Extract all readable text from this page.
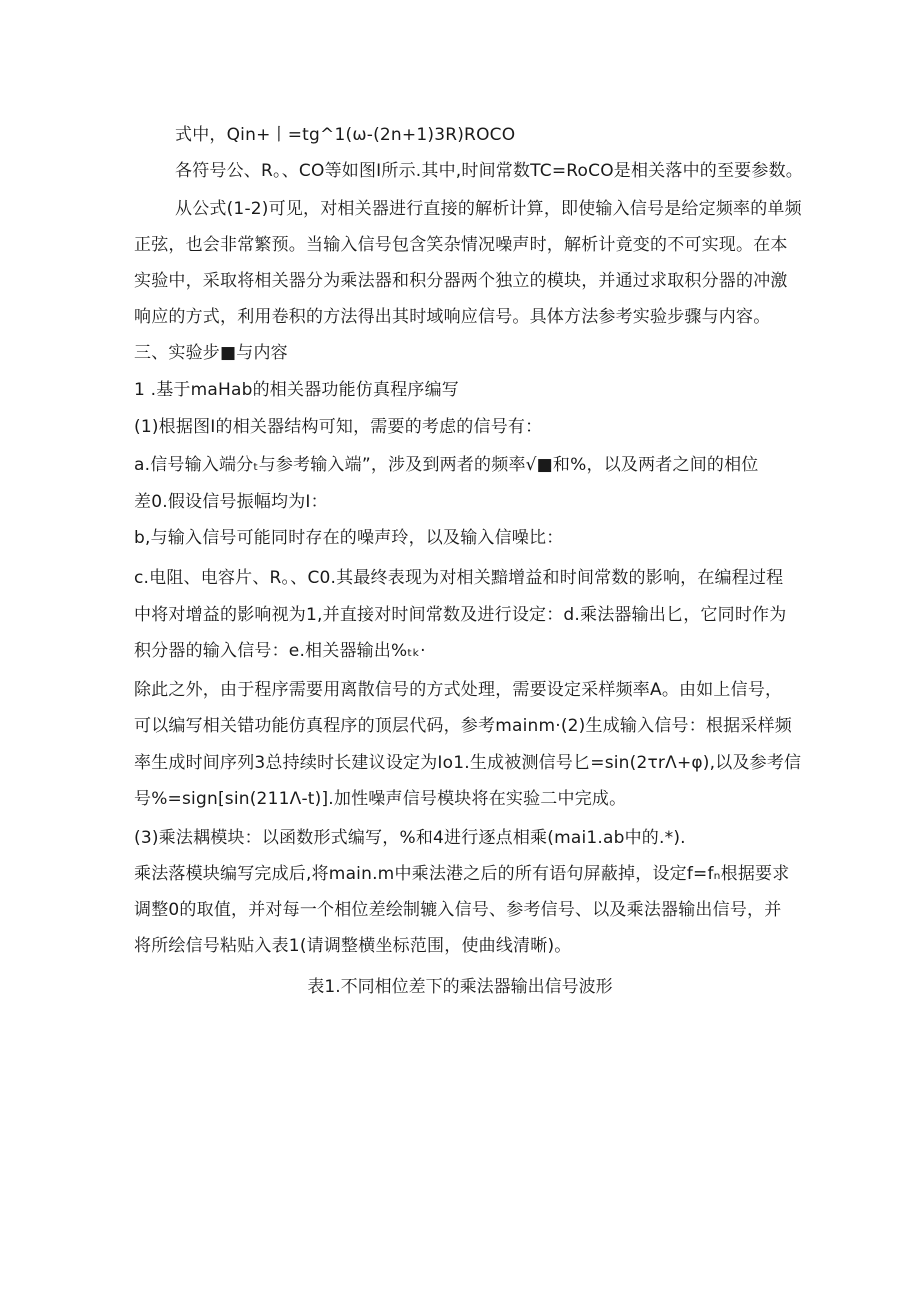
式中，Qin+丨=tg^1(ω-(2n+1)3R)ROCO
各符号公、R。、CO等如图I所示.其中,时间常数TC=RoCO是相关落中的至要参数。
从公式(1-2)可见，对相关器进行直接的解析计算，即使输入信号是给定频率的单频
正弦，也会非常繁预。当输入信号包含笑杂情况噪声时，解析计竟变的不可实现。在本
实验中，采取将相关器分为乘法器和积分器两个独立的模块，并通过求取积分器的冲激
响应的方式，利用卷积的方法得出其时域响应信号。具体方法参考实验步骤与内容。
三、实验步■与内容
1 .基于maHab的相关器功能仿真程序编写
(1)根据图I的相关器结构可知，需要的考虑的信号有：
a.信号输入端分ₜ与参考输入端”，涉及到两者的频率√■和%，以及两者之间的相位
差0.假设信号振幅均为I：
b,与输入信号可能同时存在的噪声玲，以及输入信噪比：
c.电阻、电容片、R。、C0.其最终表现为对相关黯增益和时间常数的影响，在编程过程
中将对增益的影响视为1,并直接对时间常数及进行设定：d.乘法器输出匕，它同时作为
积分器的输入信号：e.相关器输出%ₜₖ·
除此之外，由于程序需要用离散信号的方式处理，需要设定采样频率A。由如上信号，
可以编写相关错功能仿真程序的顶层代码，参考mainm·(2)生成输入信号：根据采样频
率生成时间序列3总持续时长建议设定为Io1.生成被测信号匕=sin(2τrΛ+φ),以及参考信
号%=sign[sin(211Λ-t)].加性噪声信号模块将在实验二中完成。
(3)乘法耦模块：以函数形式编写，%和4进行逐点相乘(mai1.ab中的.*).
乘法落模块编写完成后,将main.m中乘法港之后的所有语句屏蔽掉，设定f=fₙ根据要求
调整0的取值，并对每一个相位差绘制辘入信号、参考信号、以及乘法器输出信号，并
将所绘信号粘贴入表1(请调整横坐标范围，使曲线清晰)。
表1.不同相位差下的乘法器输出信号波形
